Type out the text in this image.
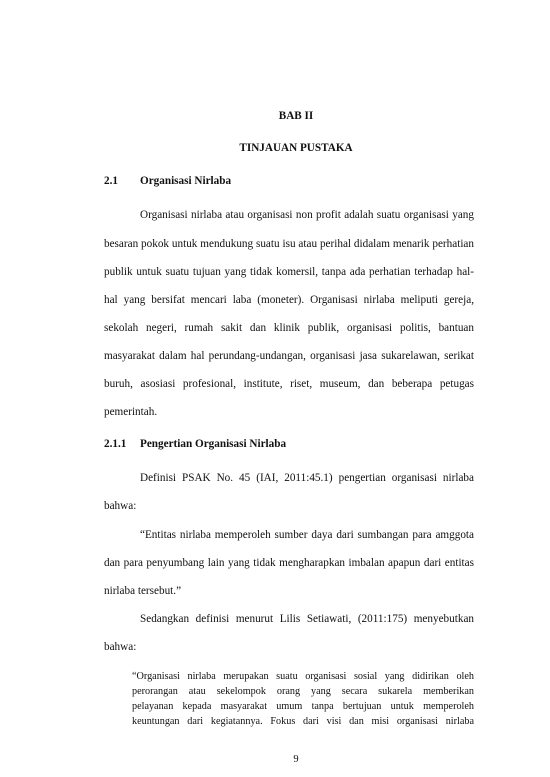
BAB II
TINJAUAN PUSTAKA
2.1 Organisasi Nirlaba
Organisasi nirlaba atau organisasi non profit adalah suatu organisasi yang
besaran pokok untuk mendukung suatu isu atau perihal didalam menarik perhatian
publik untuk suatu tujuan yang tidak komersil, tanpa ada perhatian terhadap hal-
hal yang bersifat mencari laba (moneter). Organisasi nirlaba meliputi gereja,
sekolah negeri, rumah sakit dan klinik publik, organisasi politis, bantuan
masyarakat dalam hal perundang-undangan, organisasi jasa sukarelawan, serikat
buruh, asosiasi profesional, institute, riset, museum, dan beberapa petugas
pemerintah.
2.1.1 Pengertian Organisasi Nirlaba
Definisi PSAK No. 45 (IAI, 2011:45.1) pengertian organisasi nirlaba
bahwa:
“Entitas nirlaba memperoleh sumber daya dari sumbangan para amggota
dan para penyumbang lain yang tidak mengharapkan imbalan apapun dari entitas
nirlaba tersebut.”
Sedangkan definisi menurut Lilis Setiawati, (2011:175) menyebutkan
bahwa:
“Organisasi nirlaba merupakan suatu organisasi sosial yang didirikan oleh
perorangan atau sekelompok orang yang secara sukarela memberikan
pelayanan kepada masyarakat umum tanpa bertujuan untuk memperoleh
keuntungan dari kegiatannya. Fokus dari visi dan misi organisasi nirlaba
9
